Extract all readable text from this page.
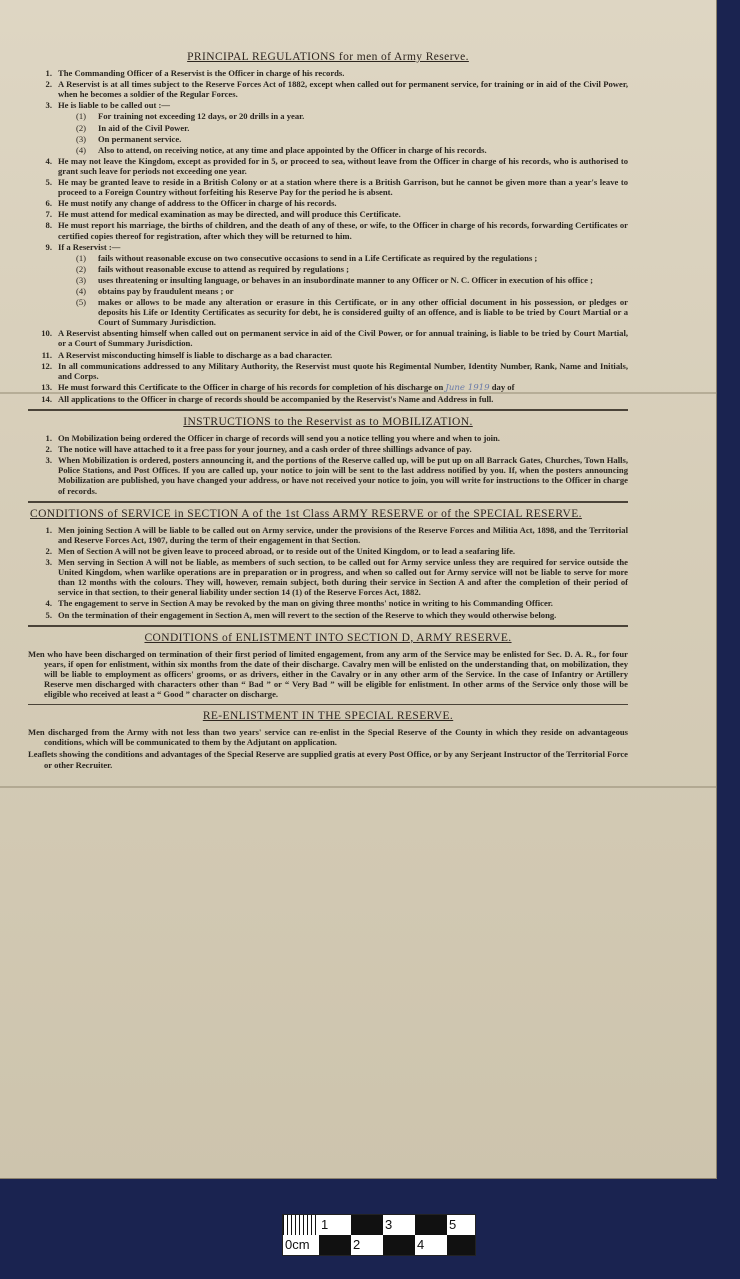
PRINCIPAL REGULATIONS for men of Army Reserve.
1. The Commanding Officer of a Reservist is the Officer in charge of his records.
2. A Reservist is at all times subject to the Reserve Forces Act of 1882, except when called out for permanent service, for training or in aid of the Civil Power, when he becomes a soldier of the Regular Forces.
3. He is liable to be called out :—
(1)	For training not exceeding 12 days, or 20 drills in a year.
(2)	In aid of the Civil Power.
(3)	On permanent service.
(4)	Also to attend, on receiving notice, at any time and place appointed by the Officer in charge of his records.
4. He may not leave the Kingdom, except as provided for in 5, or proceed to sea, without leave from the Officer in charge of his records, who is authorised to grant such leave for periods not exceeding one year.
5. He may be granted leave to reside in a British Colony or at a station where there is a British Garrison, but he cannot be given more than a year's leave to proceed to a Foreign Country without forfeiting his Reserve Pay for the period he is absent.
6. He must notify any change of address to the Officer in charge of his records.
7. He must attend for medical examination as may be directed, and will produce this Certificate.
8. He must report his marriage, the births of children, and the death of any of these, or wife, to the Officer in charge of his records, forwarding Certificates or certified copies thereof for registration, after which they will be returned to him.
9. If a Reservist :—
(1)	fails without reasonable excuse on two consecutive occasions to send in a Life Certificate as required by the regulations ;
(2)	fails without reasonable excuse to attend as required by regulations ;
(3)	uses threatening or insulting language, or behaves in an insubordinate manner to any Officer or N. C. Officer in execution of his office ;
(4)	obtains pay by fraudulent means ; or
(5)	makes or allows to be made any alteration or erasure in this Certificate, or in any other official document in his possession, or pledges or deposits his Life or Identity Certificates as security for debt, he is considered guilty of an offence, and is liable to be tried by Court Martial or a Court of Summary Jurisdiction.
10. A Reservist absenting himself when called out on permanent service in aid of the Civil Power, or for annual training, is liable to be tried by Court Martial, or a Court of Summary Jurisdiction.
11. A Reservist misconducting himself is liable to discharge as a bad character.
12. In all communications addressed to any Military Authority, the Reservist must quote his Regimental Number, Identity Number, Rank, Name and Initials, and Corps.
13. He must forward this Certificate to the Officer in charge of his records for completion of his discharge on June 1919 day of
14. All applications to the Officer in charge of records should be accompanied by the Reservist's Name and Address in full.
INSTRUCTIONS to the Reservist as to MOBILIZATION.
1. On Mobilization being ordered the Officer in charge of records will send you a notice telling you where and when to join.
2. The notice will have attached to it a free pass for your journey, and a cash order of three shillings advance of pay.
3. When Mobilization is ordered, posters announcing it, and the portions of the Reserve called up, will be put up on all Barrack Gates, Churches, Town Halls, Police Stations, and Post Offices. If you are called up, your notice to join will be sent to the last address notified by you. If, when the posters announcing Mobilization are published, you have changed your address, or have not received your notice to join, you will write for instructions to the Officer in charge of records.
CONDITIONS of SERVICE in SECTION A of the 1st Class ARMY RESERVE or of the SPECIAL RESERVE.
1. Men joining Section A will be liable to be called out on Army service, under the provisions of the Reserve Forces and Militia Act, 1898, and the Territorial and Reserve Forces Act, 1907, during the term of their engagement in that Section.
2. Men of Section A will not be given leave to proceed abroad, or to reside out of the United Kingdom, or to lead a seafaring life.
3. Men serving in Section A will not be liable, as members of such section, to be called out for Army service unless they are required for service outside the United Kingdom, when warlike operations are in preparation or in progress, and when so called out for Army service will not be liable to serve for more than 12 months with the colours. They will, however, remain subject, both during their service in Section A and after the completion of their period of service in that section, to their general liability under section 14 (1) of the Reserve Forces Act, 1882.
4. The engagement to serve in Section A may be revoked by the man on giving three months' notice in writing to his Commanding Officer.
5. On the termination of their engagement in Section A, men will revert to the section of the Reserve to which they would otherwise belong.
CONDITIONS of ENLISTMENT INTO SECTION D, ARMY RESERVE.

Men who have been discharged on termination of their first period of limited engagement, from any arm of the Service may be enlisted for Sec. D. A. R., for four years, if open for enlistment, within six months from the date of their discharge. Cavalry men will be enlisted on the understanding that, on mobilization, they will be liable to employment as officers' grooms, or as drivers, either in the Cavalry or in any other arm of the Service. In the case of Infantry or Artillery Reserve men discharged with characters other than “ Bad ” or “ Very Bad ” will be eligible for enlistment. In other arms of the Service only those will be eligible who received at least a “ Good ” character on discharge.

RE-ENLISTMENT IN THE SPECIAL RESERVE.

Men discharged from the Army with not less than two years' service can re-enlist in the Special Reserve of the County in which they reside on advantageous conditions, which will be communicated to them by the Adjutant on application.

Leaflets showing the conditions and advantages of the Special Reserve are supplied gratis at every Post Office, or by any Serjeant Instructor of the Territorial Force or other Recruiter.

1	3	5
0cm	2	4
